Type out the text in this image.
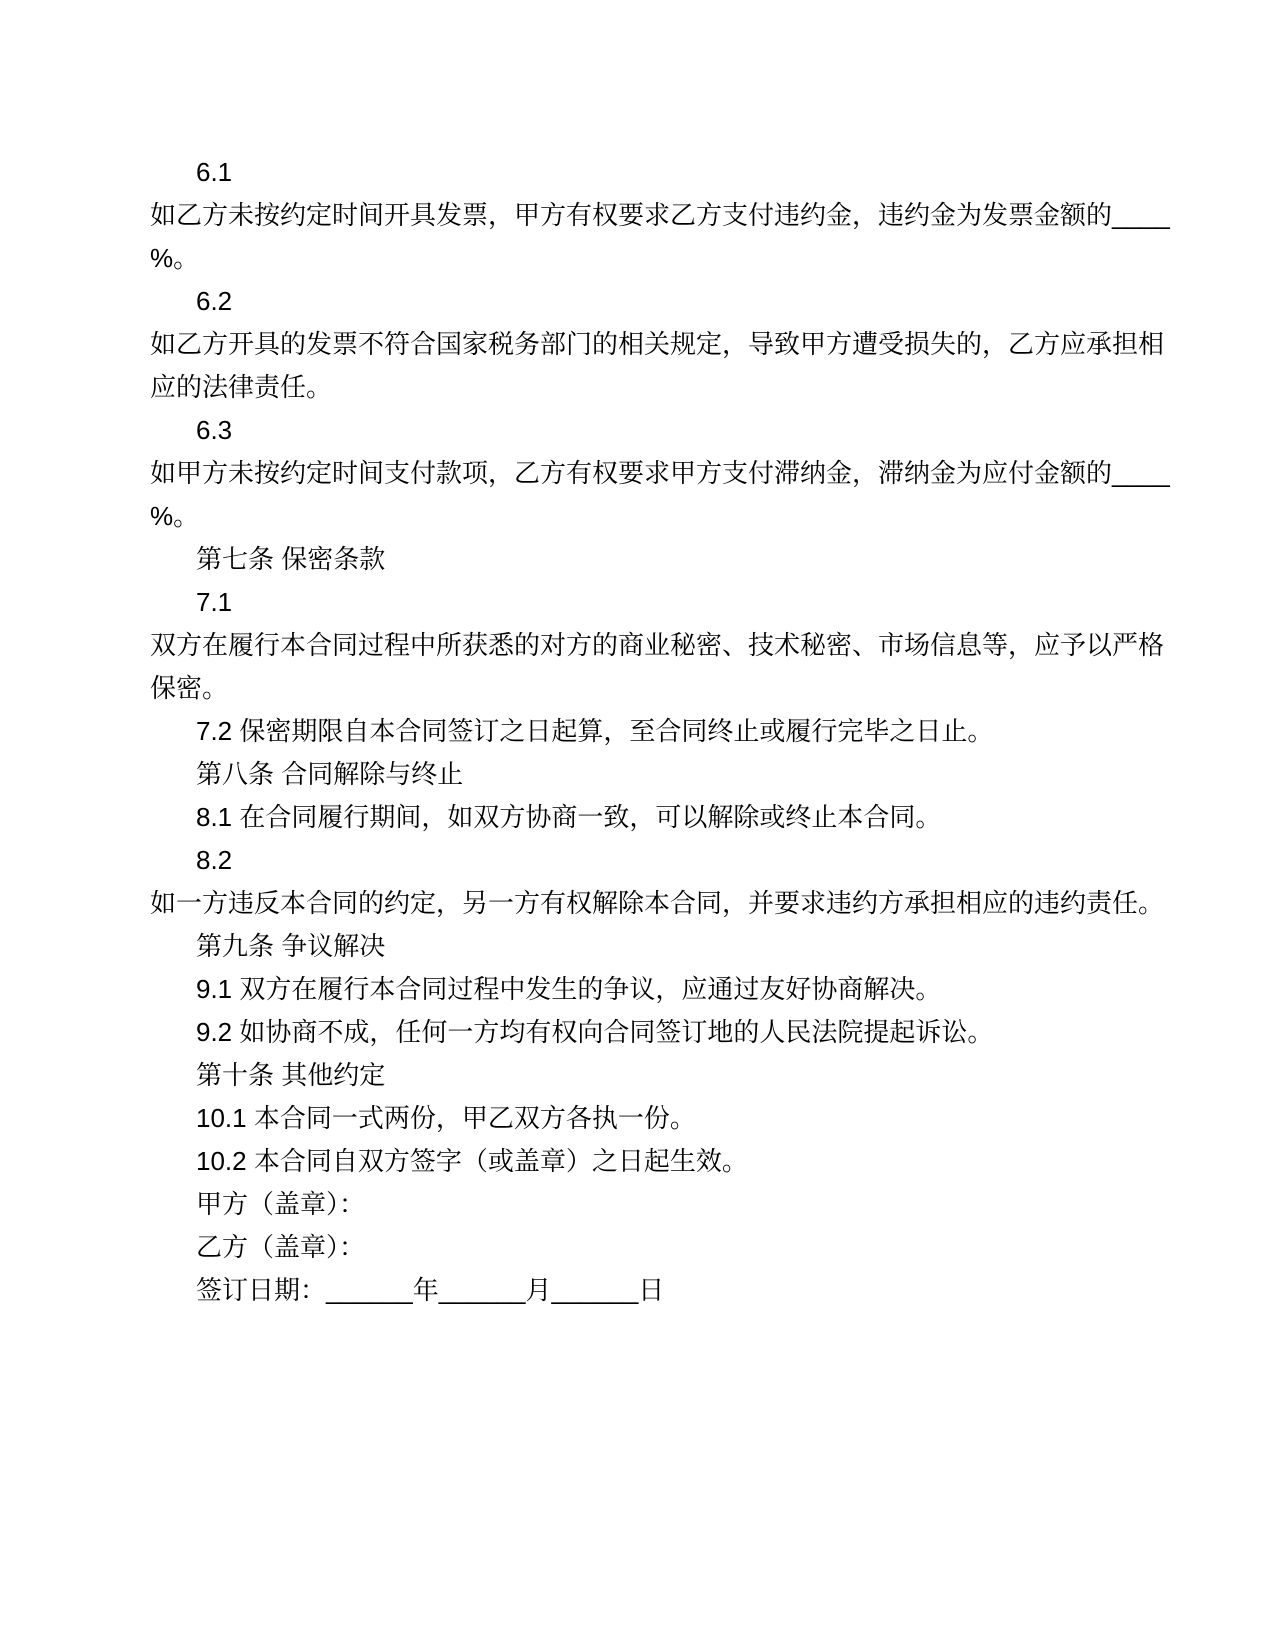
6.1

如乙方未按约定时间开具发票，甲方有权要求乙方支付违约金，违约金为发票金额的____

%。

6.2

如乙方开具的发票不符合国家税务部门的相关规定，导致甲方遭受损失的，乙方应承担相

应的法律责任。

6.3

如甲方未按约定时间支付款项，乙方有权要求甲方支付滞纳金，滞纳金为应付金额的____

%。

第七条 保密条款

7.1

双方在履行本合同过程中所获悉的对方的商业秘密、技术秘密、市场信息等，应予以严格

保密。

7.2 保密期限自本合同签订之日起算，至合同终止或履行完毕之日止。

第八条 合同解除与终止

8.1 在合同履行期间，如双方协商一致，可以解除或终止本合同。

8.2

如一方违反本合同的约定，另一方有权解除本合同，并要求违约方承担相应的违约责任。

第九条 争议解决

9.1 双方在履行本合同过程中发生的争议，应通过友好协商解决。

9.2 如协商不成，任何一方均有权向合同签订地的人民法院提起诉讼。

第十条 其他约定

10.1 本合同一式两份，甲乙双方各执一份。

10.2 本合同自双方签字（或盖章）之日起生效。

甲方（盖章）：

乙方（盖章）：

签订日期：______年______月______日
